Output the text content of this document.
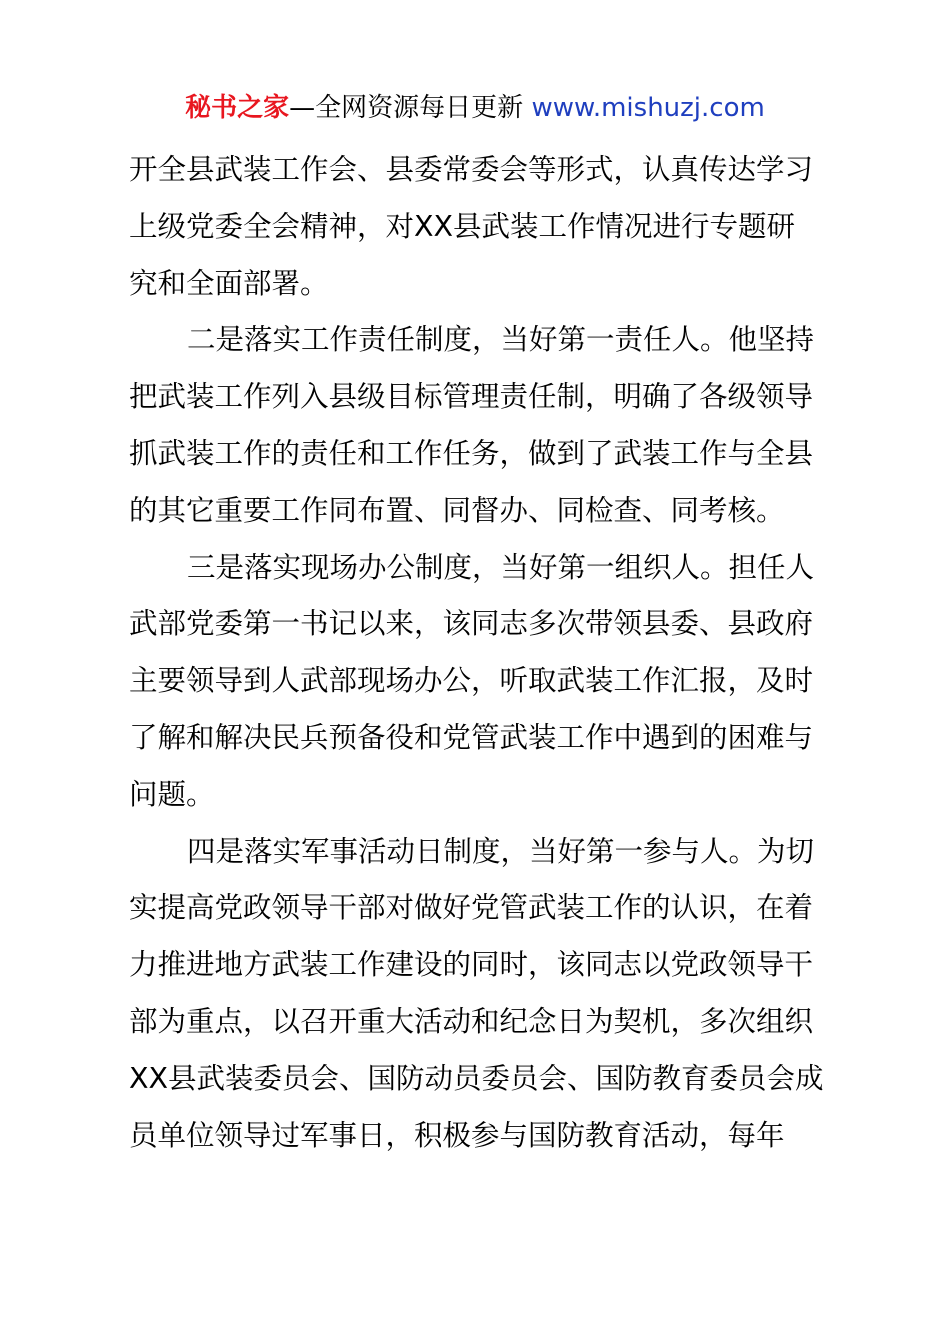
秘书之家—全网资源每日更新 www.mishuzj.com
开全县武装工作会、县委常委会等形式，认真传达学习
上级党委全会精神，对XX县武装工作情况进行专题研
究和全面部署。
二是落实工作责任制度，当好第一责任人。他坚持
把武装工作列入县级目标管理责任制，明确了各级领导
抓武装工作的责任和工作任务，做到了武装工作与全县
的其它重要工作同布置、同督办、同检查、同考核。
三是落实现场办公制度，当好第一组织人。担任人
武部党委第一书记以来，该同志多次带领县委、县政府
主要领导到人武部现场办公，听取武装工作汇报，及时
了解和解决民兵预备役和党管武装工作中遇到的困难与
问题。
四是落实军事活动日制度，当好第一参与人。为切
实提高党政领导干部对做好党管武装工作的认识，在着
力推进地方武装工作建设的同时，该同志以党政领导干
部为重点，以召开重大活动和纪念日为契机，多次组织
XX县武装委员会、国防动员委员会、国防教育委员会成
员单位领导过军事日，积极参与国防教育活动，每年
